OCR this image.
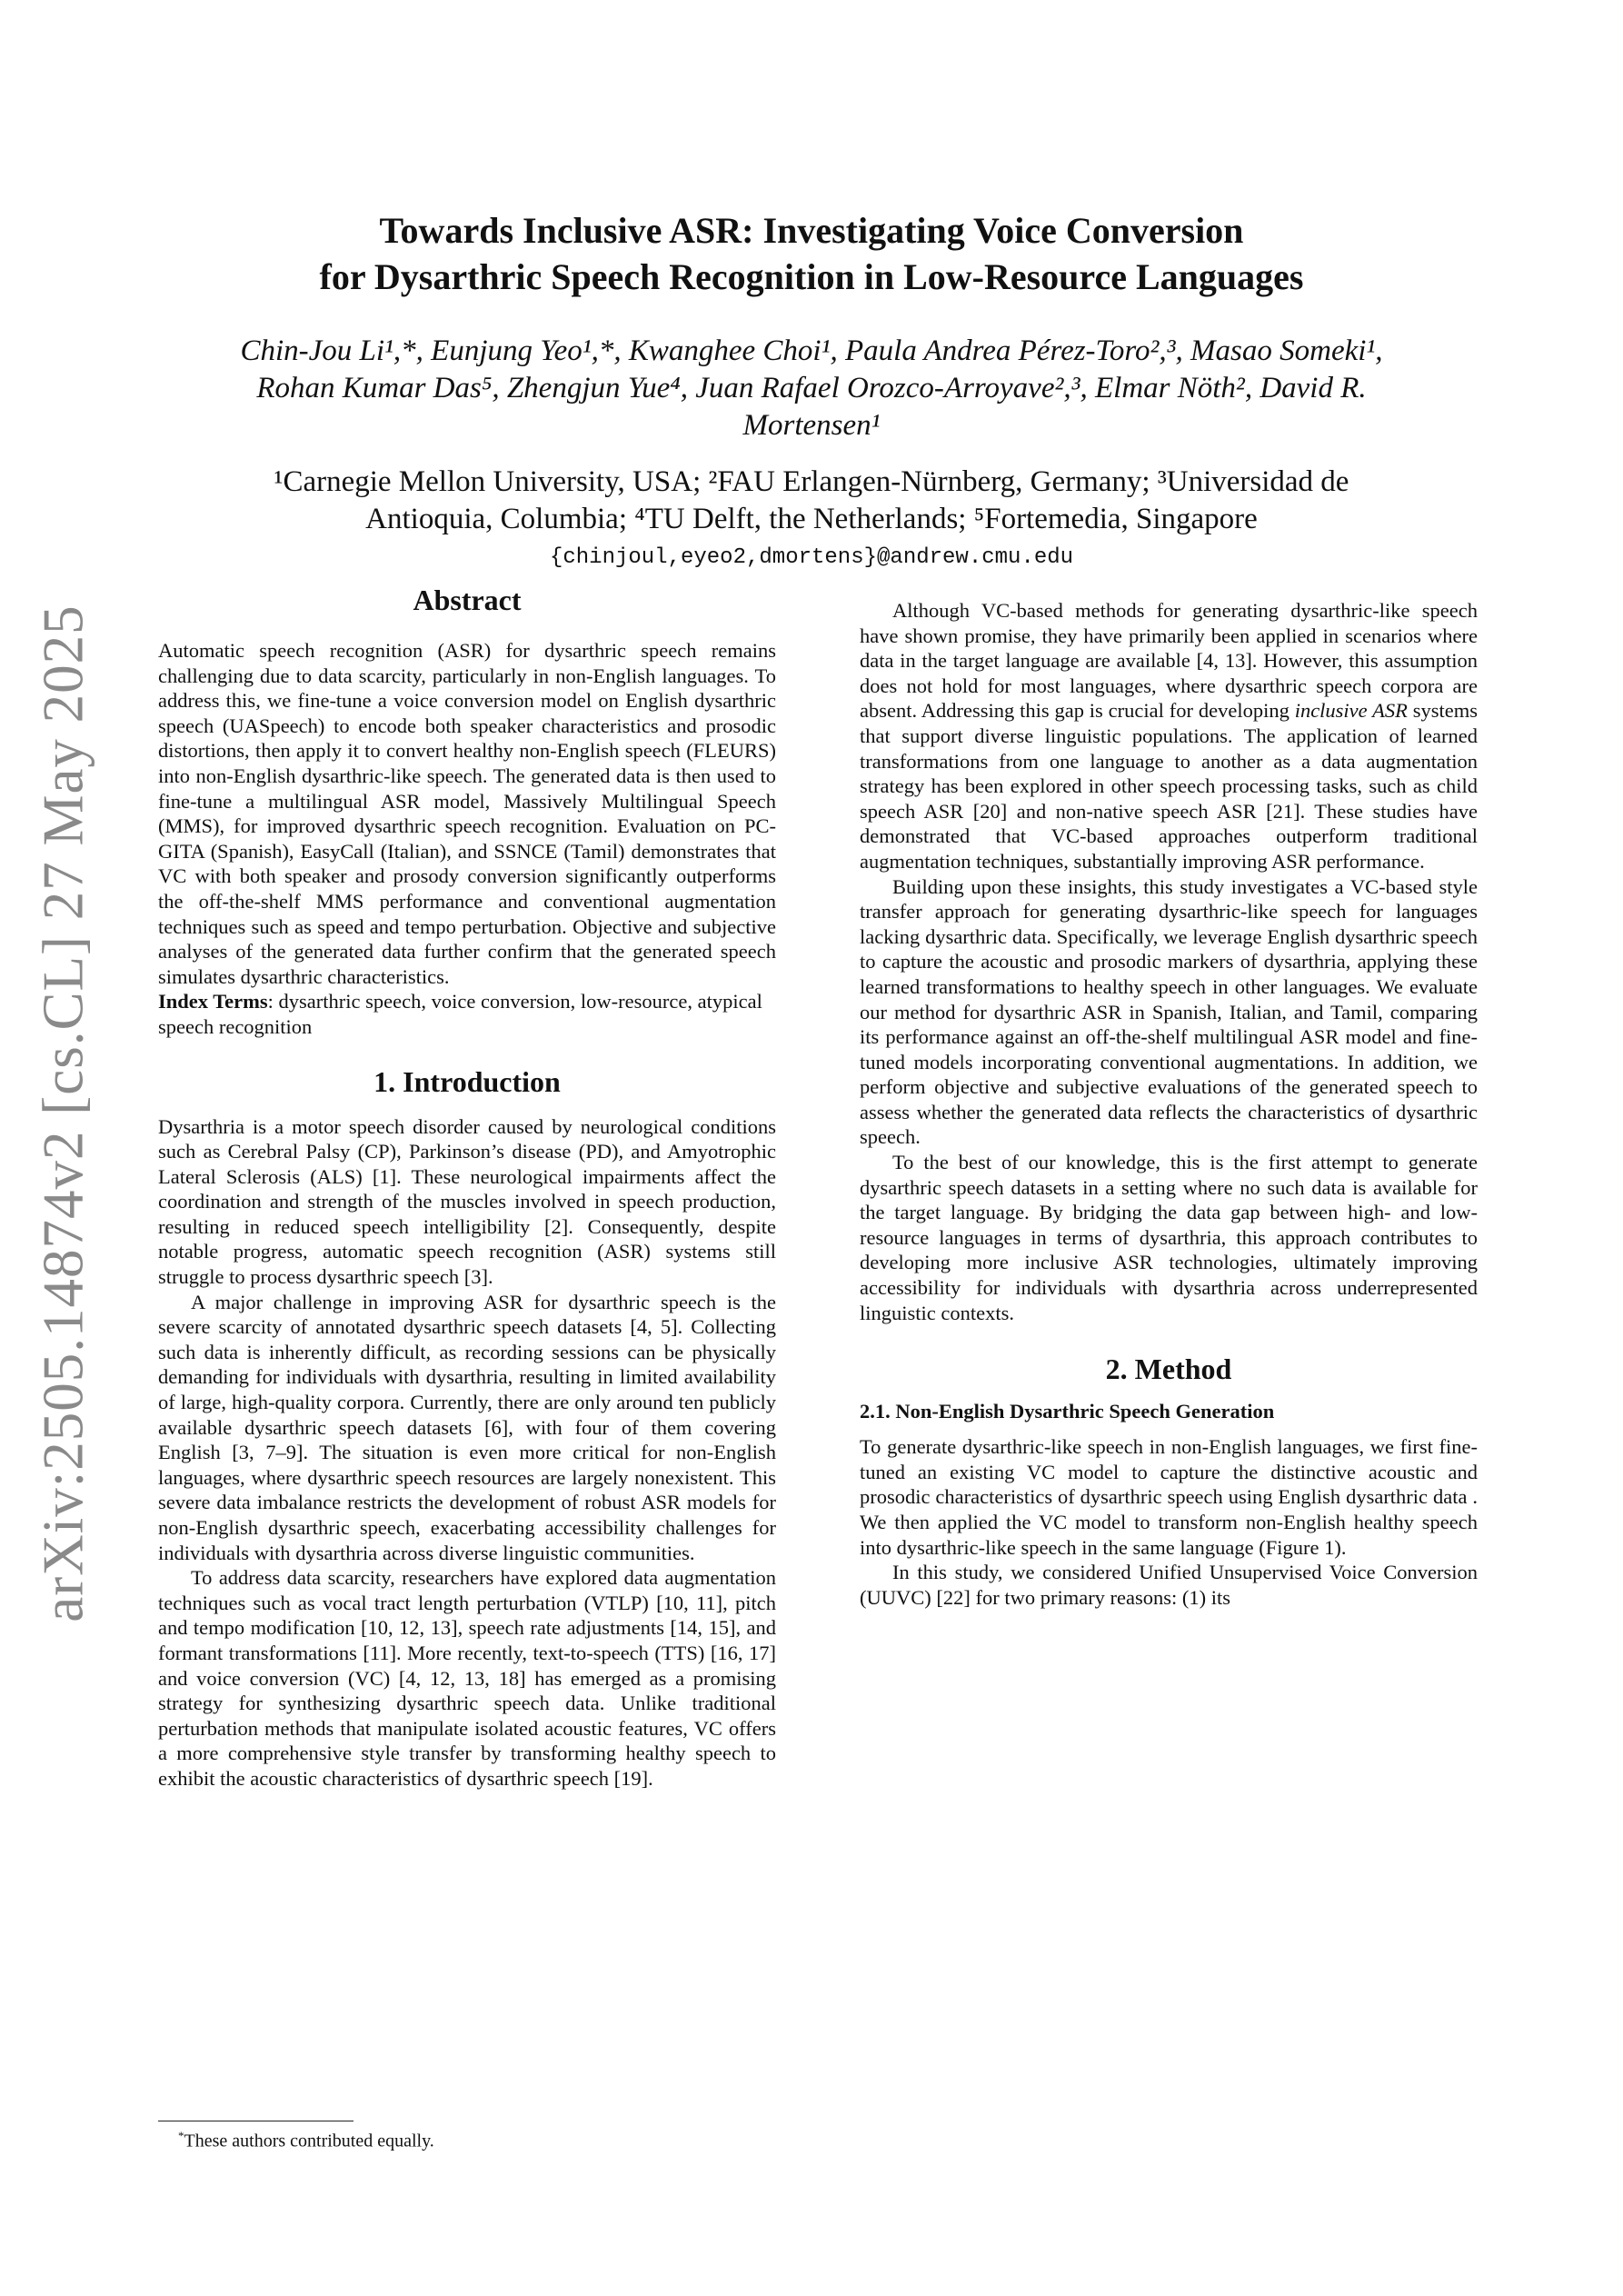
arXiv:2505.14874v2 [cs.CL] 27 May 2025
Towards Inclusive ASR: Investigating Voice Conversion
for Dysarthric Speech Recognition in Low-Resource Languages
Chin-Jou Li¹,*, Eunjung Yeo¹,*, Kwanghee Choi¹, Paula Andrea Pérez-Toro²,³, Masao Someki¹,
Rohan Kumar Das⁵, Zhengjun Yue⁴, Juan Rafael Orozco-Arroyave²,³, Elmar Nöth², David R.
Mortensen¹
¹Carnegie Mellon University, USA; ²FAU Erlangen-Nürnberg, Germany; ³Universidad de
Antioquia, Columbia; ⁴TU Delft, the Netherlands; ⁵Fortemedia, Singapore
{chinjoul,eyeo2,dmortens}@andrew.cmu.edu
Abstract

Automatic speech recognition (ASR) for dysarthric speech remains challenging due to data scarcity, particularly in non-English languages. To address this, we fine-tune a voice conversion model on English dysarthric speech (UASpeech) to encode both speaker characteristics and prosodic distortions, then apply it to convert healthy non-English speech (FLEURS) into non-English dysarthric-like speech. The generated data is then used to fine-tune a multilingual ASR model, Massively Multilingual Speech (MMS), for improved dysarthric speech recognition. Evaluation on PC-GITA (Spanish), EasyCall (Italian), and SSNCE (Tamil) demonstrates that VC with both speaker and prosody conversion significantly outperforms the off-the-shelf MMS performance and conventional augmentation techniques such as speed and tempo perturbation. Objective and subjective analyses of the generated data further confirm that the generated speech simulates dysarthric characteristics.

Index Terms: dysarthric speech, voice conversion, low-resource, atypical speech recognition

1. Introduction

Dysarthria is a motor speech disorder caused by neurological conditions such as Cerebral Palsy (CP), Parkinson’s disease (PD), and Amyotrophic Lateral Sclerosis (ALS) [1]. These neurological impairments affect the coordination and strength of the muscles involved in speech production, resulting in reduced speech intelligibility [2]. Consequently, despite notable progress, automatic speech recognition (ASR) systems still struggle to process dysarthric speech [3].

A major challenge in improving ASR for dysarthric speech is the severe scarcity of annotated dysarthric speech datasets [4, 5]. Collecting such data is inherently difficult, as recording sessions can be physically demanding for individuals with dysarthria, resulting in limited availability of large, high-quality corpora. Currently, there are only around ten publicly available dysarthric speech datasets [6], with four of them covering English [3, 7–9]. The situation is even more critical for non-English languages, where dysarthric speech resources are largely nonexistent. This severe data imbalance restricts the development of robust ASR models for non-English dysarthric speech, exacerbating accessibility challenges for individuals with dysarthria across diverse linguistic communities.

To address data scarcity, researchers have explored data augmentation techniques such as vocal tract length perturbation (VTLP) [10, 11], pitch and tempo modification [10, 12, 13], speech rate adjustments [14, 15], and formant transformations [11]. More recently, text-to-speech (TTS) [16, 17] and voice conversion (VC) [4, 12, 13, 18] has emerged as a promising strategy for synthesizing dysarthric speech data. Unlike traditional perturbation methods that manipulate isolated acoustic features, VC offers a more comprehensive style transfer by transforming healthy speech to exhibit the acoustic characteristics of dysarthric speech [19].

Although VC-based methods for generating dysarthric-like speech have shown promise, they have primarily been applied in scenarios where data in the target language are available [4, 13]. However, this assumption does not hold for most languages, where dysarthric speech corpora are absent. Addressing this gap is crucial for developing inclusive ASR systems that support diverse linguistic populations. The application of learned transformations from one language to another as a data augmentation strategy has been explored in other speech processing tasks, such as child speech ASR [20] and non-native speech ASR [21]. These studies have demonstrated that VC-based approaches outperform traditional augmentation techniques, substantially improving ASR performance.

Building upon these insights, this study investigates a VC-based style transfer approach for generating dysarthric-like speech for languages lacking dysarthric data. Specifically, we leverage English dysarthric speech to capture the acoustic and prosodic markers of dysarthria, applying these learned transformations to healthy speech in other languages. We evaluate our method for dysarthric ASR in Spanish, Italian, and Tamil, comparing its performance against an off-the-shelf multilingual ASR model and fine-tuned models incorporating conventional augmentations. In addition, we perform objective and subjective evaluations of the generated speech to assess whether the generated data reflects the characteristics of dysarthric speech.

To the best of our knowledge, this is the first attempt to generate dysarthric speech datasets in a setting where no such data is available for the target language. By bridging the data gap between high- and low-resource languages in terms of dysarthria, this approach contributes to developing more inclusive ASR technologies, ultimately improving accessibility for individuals with dysarthria across underrepresented linguistic contexts.

2. Method
2.1. Non-English Dysarthric Speech Generation

To generate dysarthric-like speech in non-English languages, we first fine-tuned an existing VC model to capture the distinctive acoustic and prosodic characteristics of dysarthric speech using English dysarthric data . We then applied the VC model to transform non-English healthy speech into dysarthric-like speech in the same language (Figure 1).

In this study, we considered Unified Unsupervised Voice Conversion (UUVC) [22] for two primary reasons: (1) its

*These authors contributed equally.
